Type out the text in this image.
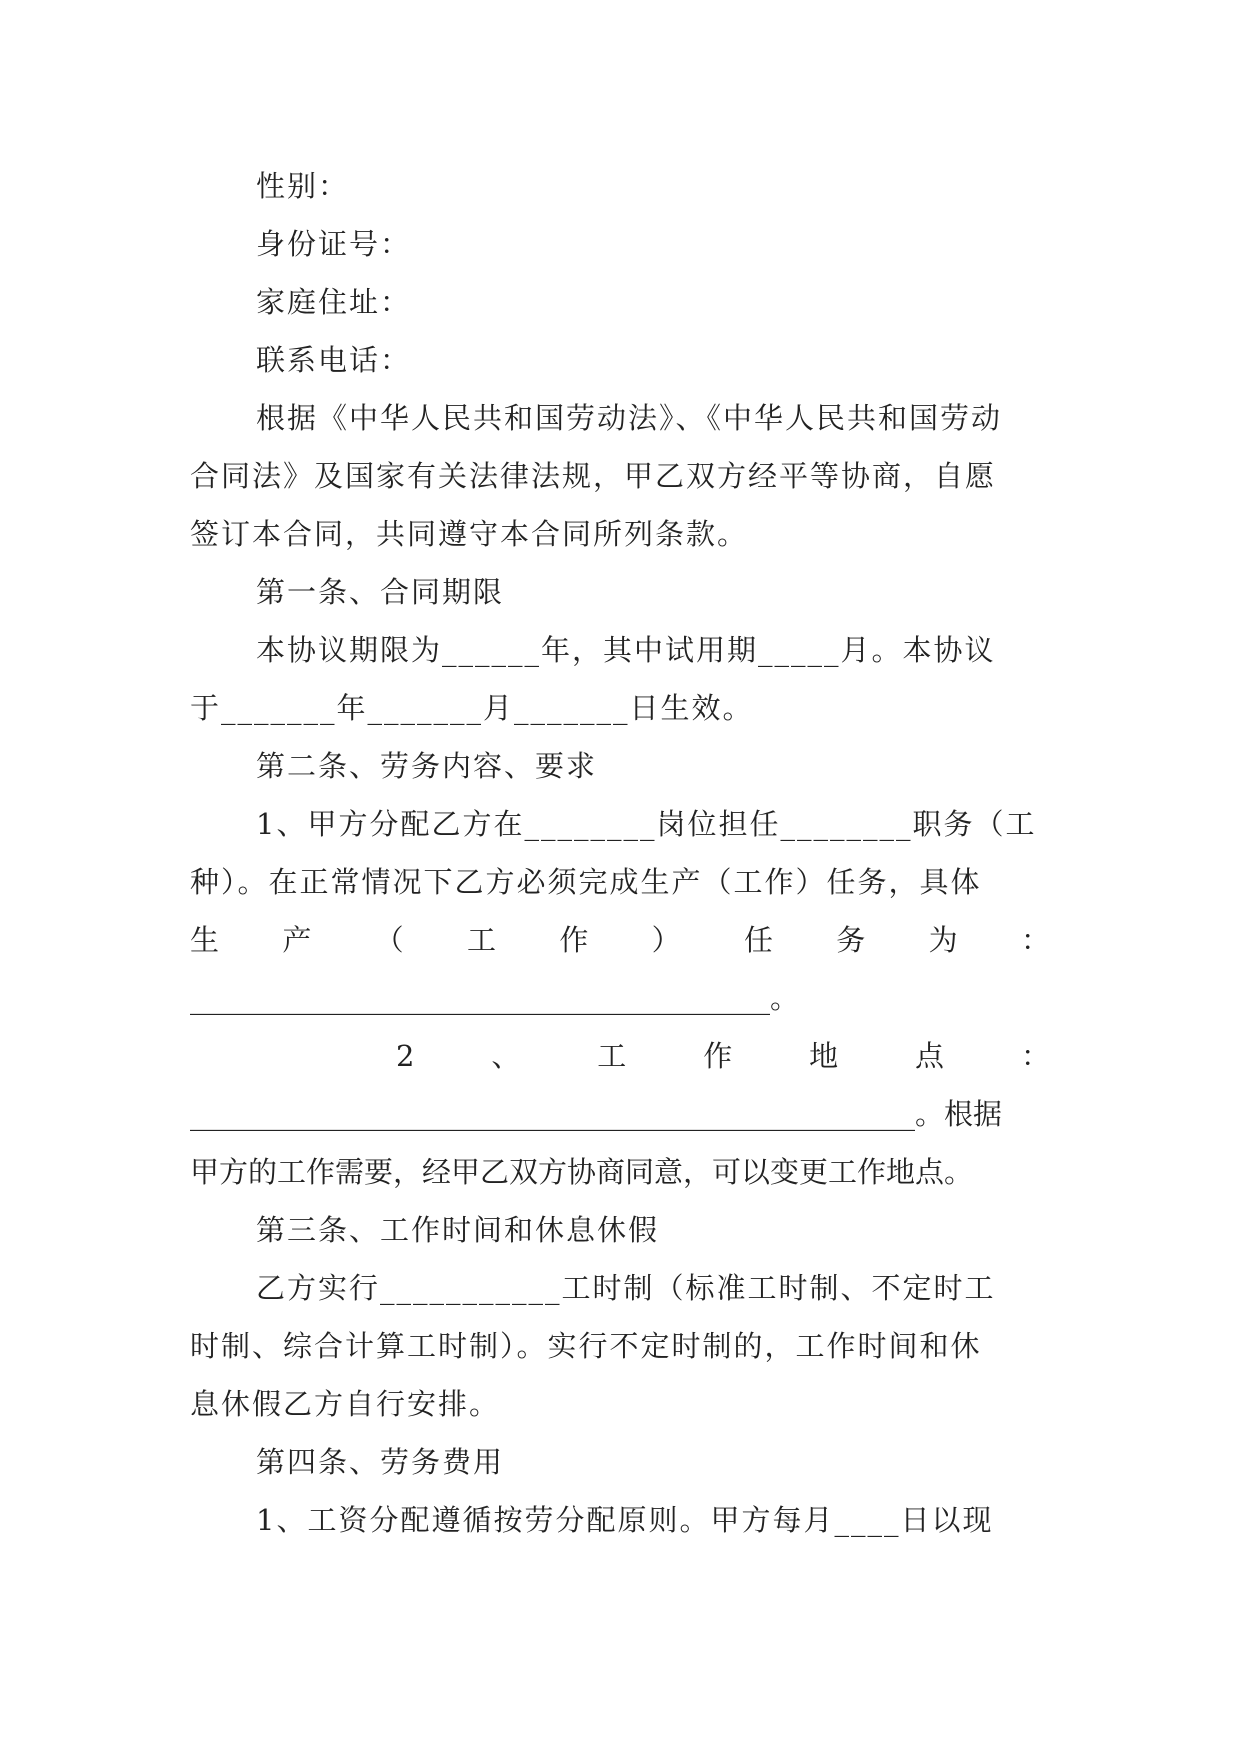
性别：
身份证号：
家庭住址：
联系电话：
根据《中华人民共和国劳动法》、《中华人民共和国劳动
合同法》及国家有关法律法规，甲乙双方经平等协商，自愿
签订本合同，共同遵守本合同所列条款。
第一条、合同期限
本协议期限为______年，其中试用期_____月。本协议
于_______年_______月_______日生效。
第二条、劳务内容、要求
1、甲方分配乙方在________岗位担任________职务（工
种）。在正常情况下乙方必须完成生产（工作）任务，具体
生 产 （ 工 作 ） 任 务 为 ：
________________________________________。
2	、	工	作	地	点	：
__________________________________________________。根据
甲方的工作需要，经甲乙双方协商同意，可以变更工作地点。
第三条、工作时间和休息休假
乙方实行___________工时制（标准工时制、不定时工
时制、综合计算工时制）。实行不定时制的，工作时间和休
息休假乙方自行安排。
第四条、劳务费用
1、工资分配遵循按劳分配原则。甲方每月____日以现
